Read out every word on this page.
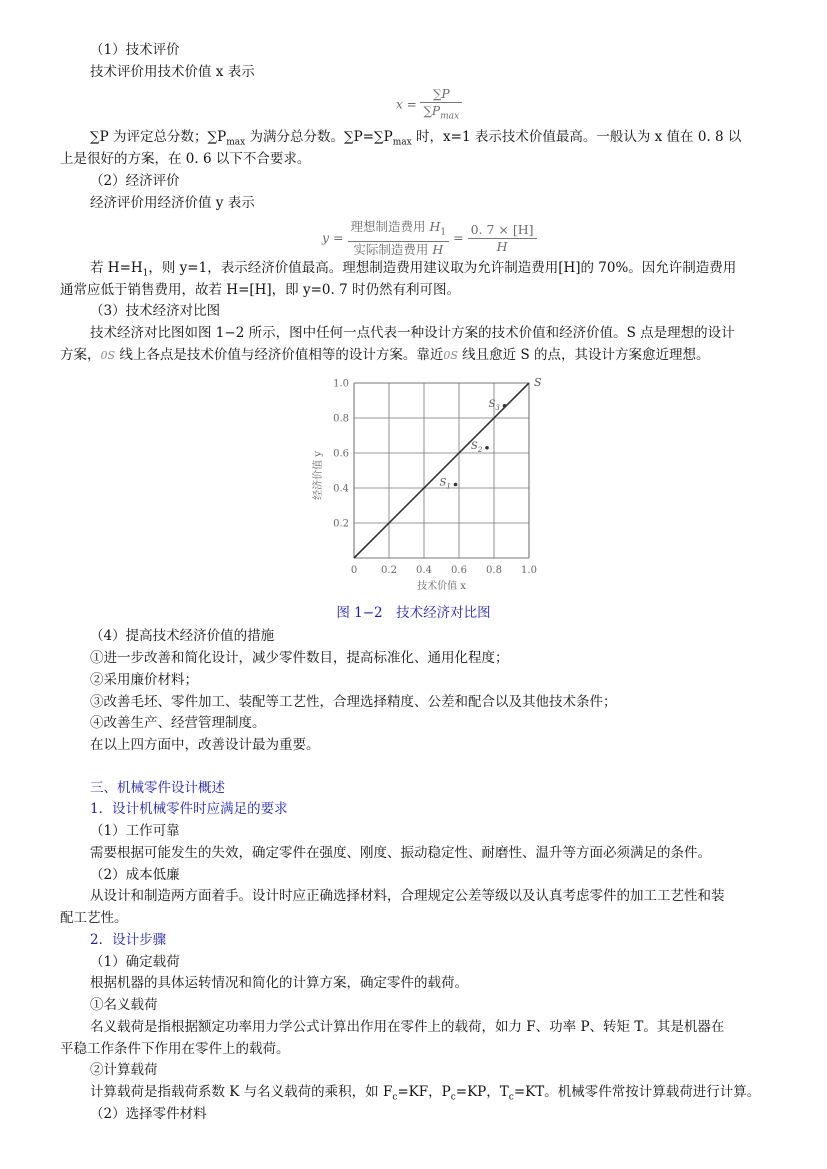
（1）技术评价
技术评价用技术价值 x 表示
$x = \frac{\sum P}{\sum P_{max}}$
∑P 为评定总分数；$\sum P_{max}$ 为满分总分数。$\sum P=\sum P_{max}$ 时，x=1 表示技术价值最高。一般认为 x 值在 0. 8 以
上是很好的方案，在 0. 6 以下不合要求。
（2）经济评价
经济评价用经济价值 y 表示
$y = \frac{理想制造费用 H_1}{\text{实际制造费用 H}} = \frac{0. 7 \times [H]}{H}$
若 $H=H_1$，则 y=1，表示经济价值最高。理想制造费用建议取为允许制造费用[H]的 70%。因允许制造费用
通常应低于销售费用，故若 H=[H]，即 y=0. 7 时仍然有利可图。
（3）技术经济对比图
技术经济对比图如图 1−2 所示，图中任何一点代表一种设计方案的技术价值和经济价值。S 点是理想的设计
方案，0S 线上各点是技术价值与经济价值相等的设计方案。靠近0S 线且愈近 S 的点，其设计方案愈近理想。
S
$S_1$
$S_2$
$S_3$
0 0.2 0.4 0.6 0.8 1.0
0.2
0.4
0.6
0.8
1.0
技术价值 x
经济价值 y
图 1−2　技术经济对比图
（4）提高技术经济价值的措施
①进一步改善和简化设计，减少零件数目，提高标准化、通用化程度；
②采用廉价材料；
③改善毛坯、零件加工、装配等工艺性，合理选择精度、公差和配合以及其他技术条件；
④改善生产、经营管理制度。
在以上四方面中，改善设计最为重要。
三、机械零件设计概述
1．设计机械零件时应满足的要求
（1）工作可靠
需要根据可能发生的失效，确定零件在强度、刚度、振动稳定性、耐磨性、温升等方面必须满足的条件。
（2）成本低廉
从设计和制造两方面着手。设计时应正确选择材料，合理规定公差等级以及认真考虑零件的加工工艺性和装
配工艺性。
2．设计步骤
（1）确定载荷
根据机器的具体运转情况和简化的计算方案，确定零件的载荷。
①名义载荷
名义载荷是指根据额定功率用力学公式计算出作用在零件上的载荷，如力 F、功率 P、转矩 T。其是机器在
平稳工作条件下作用在零件上的载荷。
②计算载荷
计算载荷是指载荷系数 K 与名义载荷的乘积，如 $F_c=KF$，$P_c=KP$，$T_c=KT$。机械零件常按计算载荷进行计算。
（2）选择零件材料
